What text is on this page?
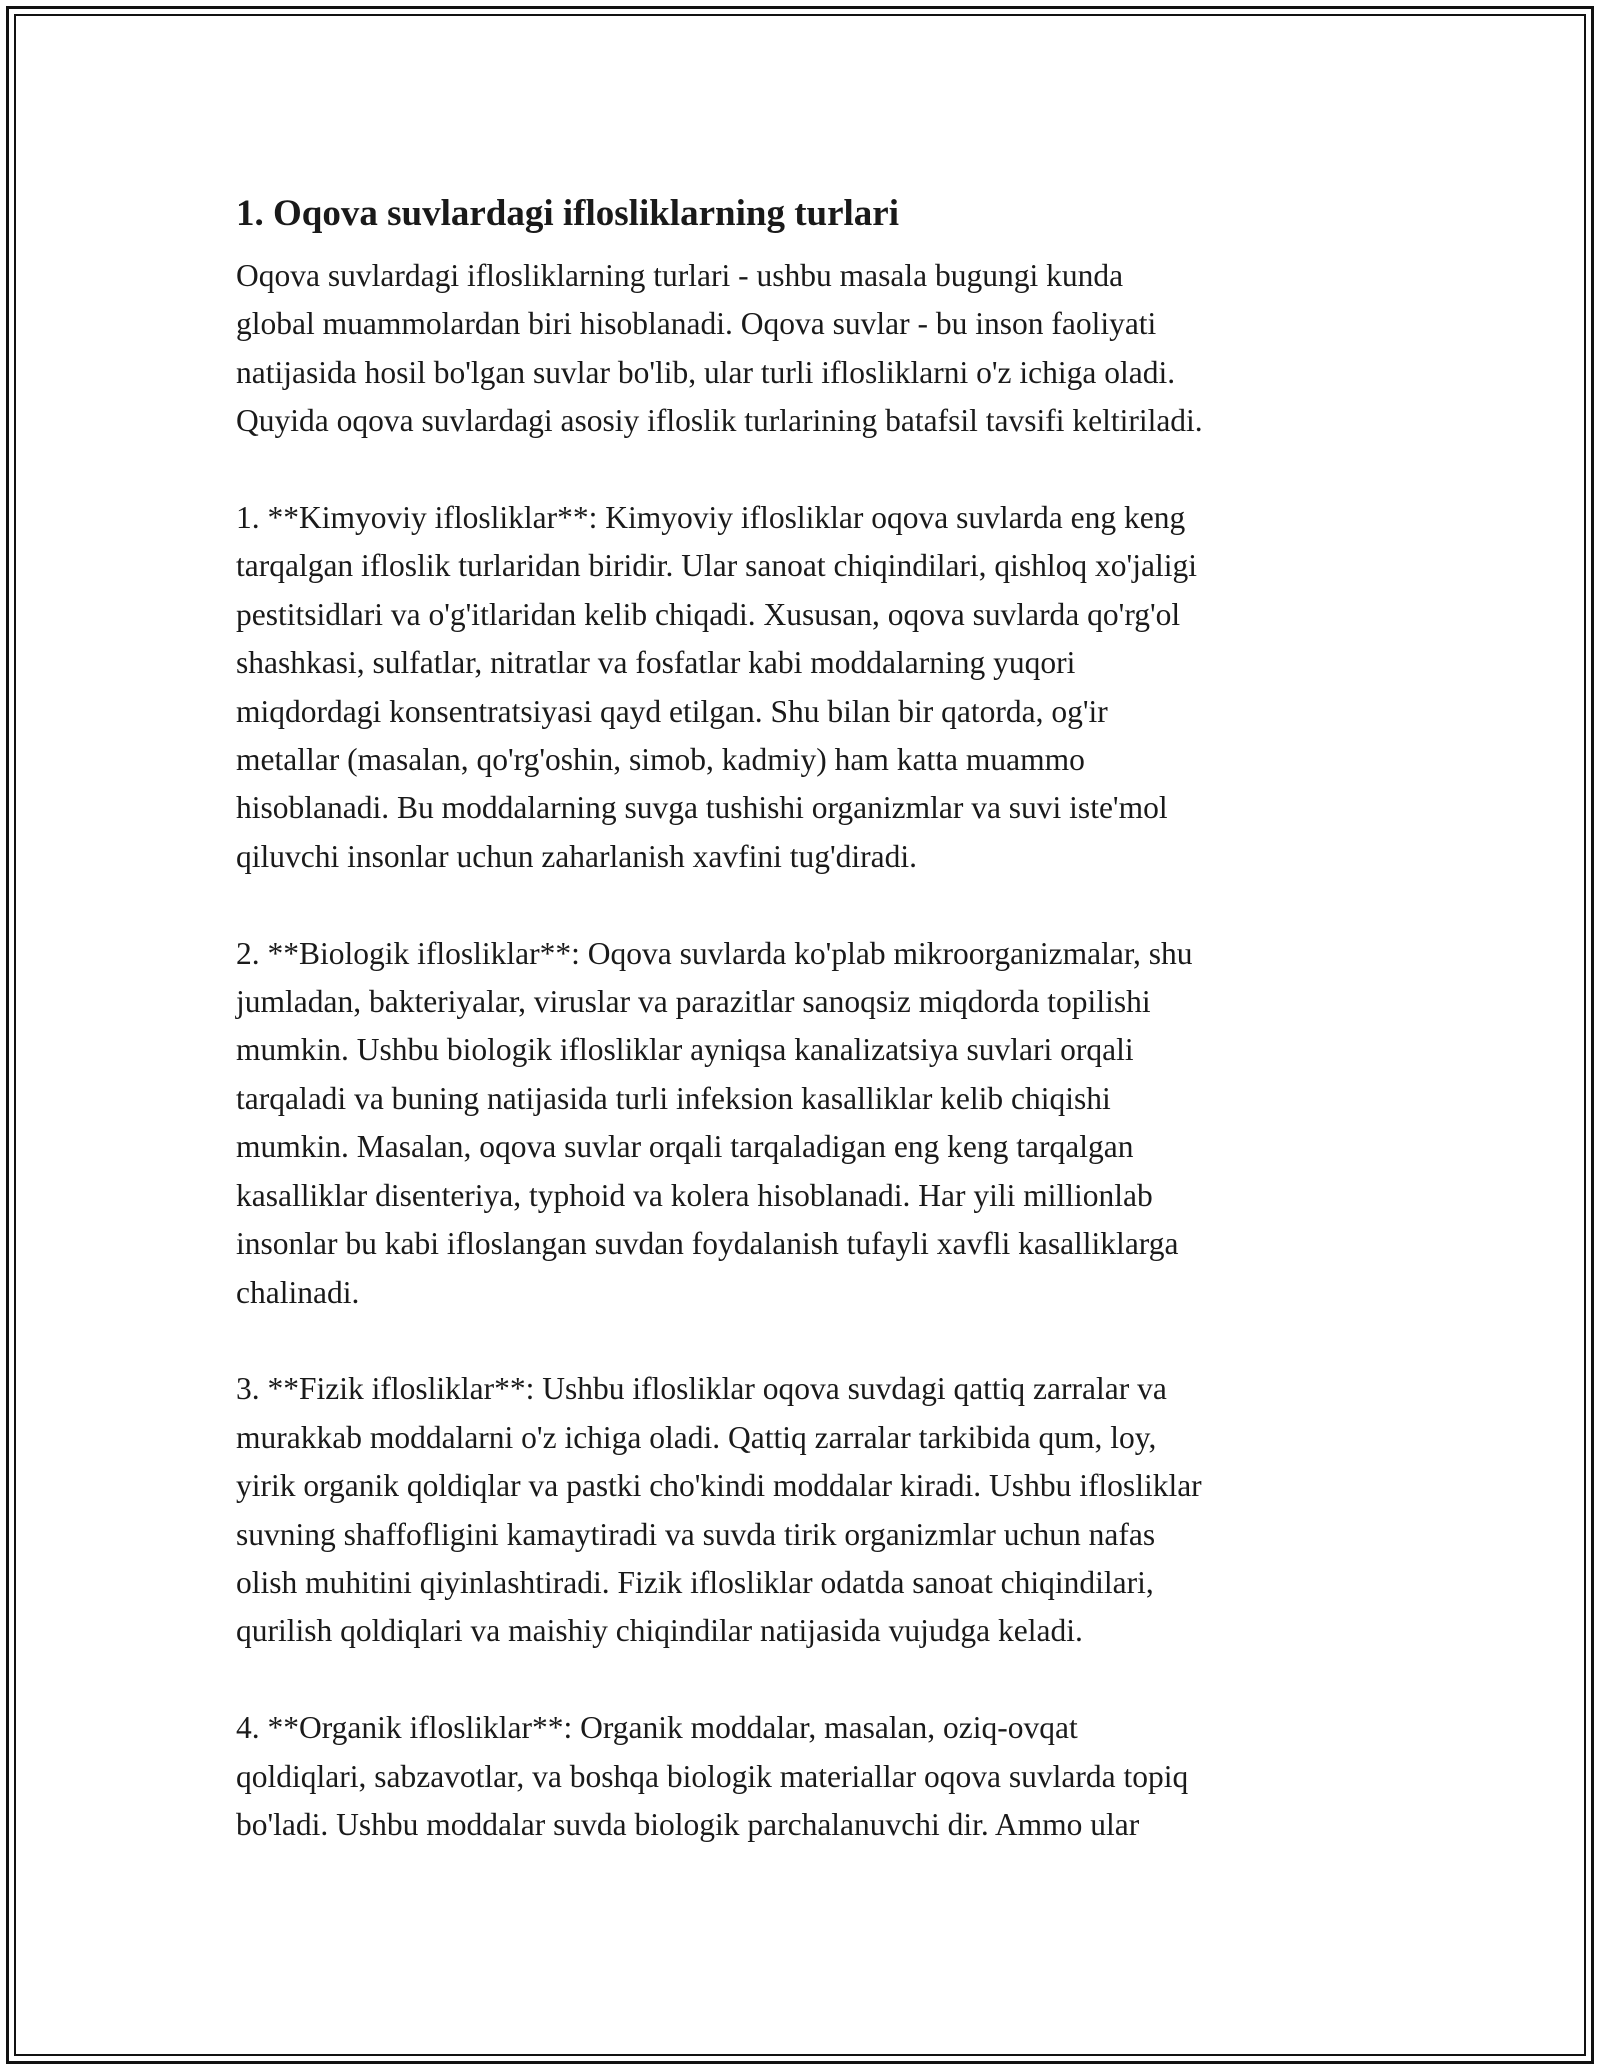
1. Oqova suvlardagi iflosliklаrning turlari

Oqova suvlardagi iflosliklаrning turlari - ushbu masala bugungi kunda
global muammolardan biri hisoblanadi. Oqova suvlar - bu inson faoliyati
natijasida hosil bo'lgan suvlar bo'lib, ular turli iflosliklаrni o'z ichiga oladi.
Quyida oqova suvlardagi asosiy ifloslik turlarining batafsil tavsifi keltiriladi.

1. **Kimyoviy iflosliklаr**: Kimyoviy iflosliklаr oqova suvlarda eng keng
tarqalgan ifloslik turlaridan biridir. Ular sanoat chiqindilari, qishloq xo'jaligi
pestitsidlari va o'g'itlaridan kelib chiqadi. Xususan, oqova suvlarda qo'rg'ol
shashkasi, sulfatlar, nitratlar va fosfatlar kabi moddalarning yuqori
miqdordagi konsentratsiyasi qayd etilgan. Shu bilan bir qatorda, og'ir
metallar (masalan, qo'rg'oshin, simob, kadmiy) ham katta muammo
hisoblanadi. Bu moddalarning suvga tushishi organizmlar va suvi iste'mol
qiluvchi insonlar uchun zaharlanish xavfini tug'diradi.

2. **Biologik iflosliklаr**: Oqova suvlarda ko'plab mikroorganizmalar, shu
jumladan, bakteriyalar, viruslar va parazitlar sanoqsiz miqdorda topilishi
mumkin. Ushbu biologik iflosliklаr ayniqsa kanalizatsiya suvlari orqali
tarqaladi va buning natijasida turli infeksion kasalliklar kelib chiqishi
mumkin. Masalan, oqova suvlar orqali tarqaladigan eng keng tarqalgan
kasalliklar disenteriya, typhoid va kolera hisoblanadi. Har yili millionlab
insonlar bu kabi ifloslangan suvdan foydalanish tufayli xavfli kasalliklarga
chalinadi.

3. **Fizik iflosliklаr**: Ushbu iflosliklаr oqova suvdagi qattiq zarralar va
murakkab moddalarni o'z ichiga oladi. Qattiq zarralar tarkibida qum, loy,
yirik organik qoldiqlar va pastki cho'kindi moddalar kiradi. Ushbu iflosliklаr
suvning shaffofligini kamaytiradi va suvda tirik organizmlar uchun nafas
olish muhitini qiyinlashtiradi. Fizik iflosliklаr odatda sanoat chiqindilari,
qurilish qoldiqlari va maishiy chiqindilar natijasida vujudga keladi.

4. **Organik iflosliklаr**: Organik moddalar, masalan, oziq-ovqat
qoldiqlari, sabzavotlar, va boshqa biologik materiallar oqova suvlarda topiq
bo'ladi. Ushbu moddalar suvda biologik parchalanuvchi dir. Ammo ular
